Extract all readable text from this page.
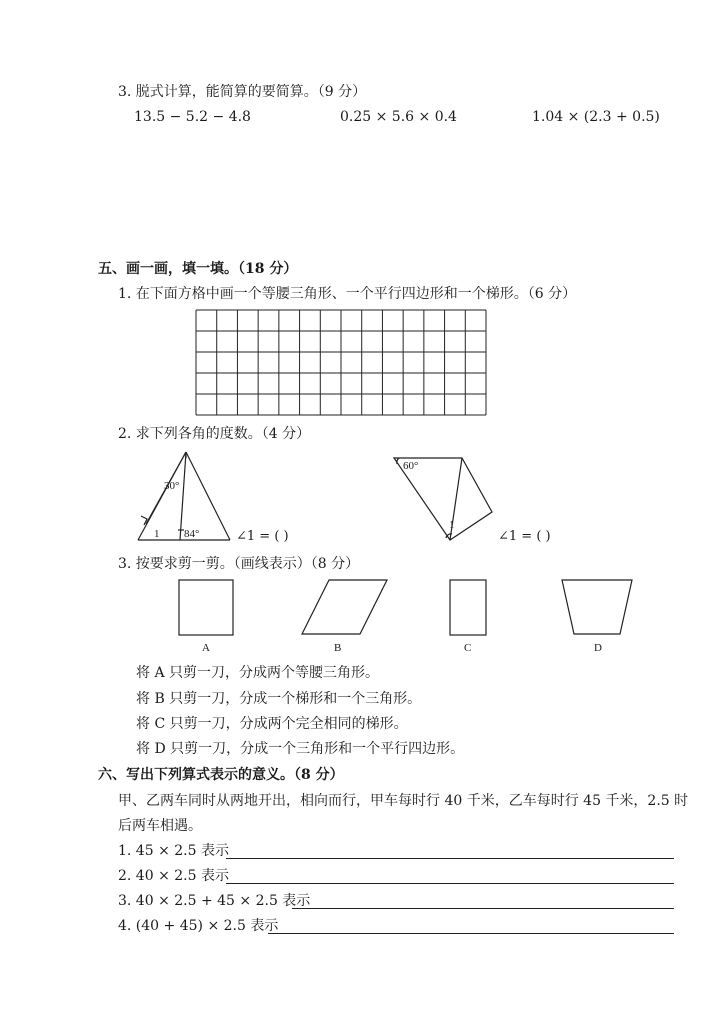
3. 脱式计算，能简算的要简算。（9 分）
13.5 − 5.2 − 4.8	0.25 × 5.6 × 0.4	1.04 × (2.3 + 0.5)
五、画一画，填一填。（18 分）
1. 在下面方格中画一个等腰三角形、一个平行四边形和一个梯形。（6 分）
2. 求下列各角的度数。（4 分）
30°
84°
1	∠1 = ( )
60°
1
∠1 = ( )
3. 按要求剪一剪。（画线表示）（8 分）
A	B	C	D
将 A 只剪一刀，分成两个等腰三角形。
将 B 只剪一刀，分成一个梯形和一个三角形。
将 C 只剪一刀，分成两个完全相同的梯形。
将 D 只剪一刀，分成一个三角形和一个平行四边形。
六、写出下列算式表示的意义。（8 分）
甲、乙两车同时从两地开出，相向而行，甲车每时行 40 千米，乙车每时行 45 千米，2.5 时
后两车相遇。
1. 45 × 2.5 表示
2. 40 × 2.5 表示
3. 40 × 2.5 + 45 × 2.5 表示
4. (40 + 45) × 2.5 表示
